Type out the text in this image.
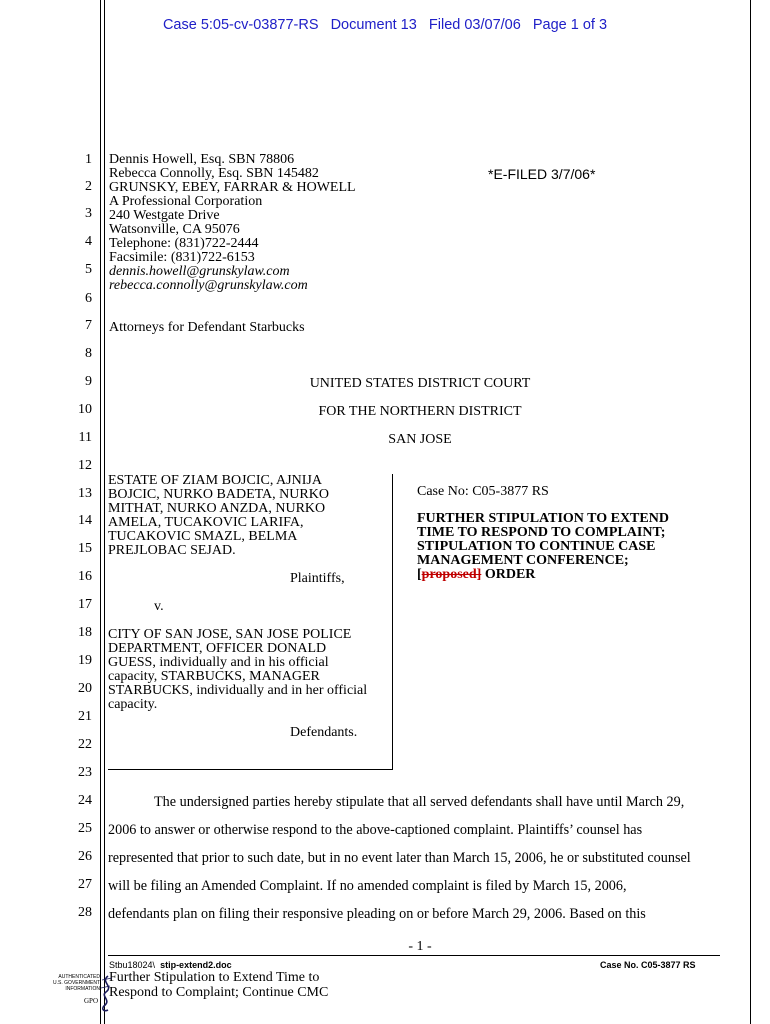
Case 5:05-cv-03877-RS   Document 13   Filed 03/07/06   Page 1 of 3
1
2
3
4
5
6
7
8
9
10
11
12
13
14
15
16
17
18
19
20
21
22
23
24
25
26
27
28
Dennis Howell, Esq. SBN 78806
Rebecca Connolly, Esq. SBN 145482
GRUNSKY, EBEY, FARRAR & HOWELL
A Professional Corporation
240 Westgate Drive
Watsonville, CA 95076
Telephone: (831)722-2444
Facsimile: (831)722-6153
dennis.howell@grunskylaw.com
rebecca.connolly@grunskylaw.com
*E-FILED 3/7/06*
Attorneys for Defendant Starbucks
UNITED STATES DISTRICT COURT
FOR THE NORTHERN DISTRICT
SAN JOSE
ESTATE OF ZIAM BOJCIC, AJNIJA
BOJCIC, NURKO BADETA, NURKO
MITHAT, NURKO ANZDA, NURKO
AMELA, TUCAKOVIC LARIFA,
TUCAKOVIC SMAZL, BELMA
PREJLOBAC SEJAD.
Plaintiffs,
v.
CITY OF SAN JOSE, SAN JOSE POLICE
DEPARTMENT, OFFICER DONALD
GUESS, individually and in his official
capacity, STARBUCKS, MANAGER
STARBUCKS, individually and in her official
capacity.
Defendants.
Case No: C05-3877 RS
FURTHER STIPULATION TO EXTEND
TIME TO RESPOND TO COMPLAINT;
STIPULATION TO CONTINUE CASE
MANAGEMENT CONFERENCE;
[proposed] ORDER
The undersigned parties hereby stipulate that all served defendants shall have until March 29,
2006 to answer or otherwise respond to the above-captioned complaint. Plaintiffs’ counsel has
represented that prior to such date, but in no event later than March 15, 2006, he or substituted counsel
will be filing an Amended Complaint. If no amended complaint is filed by March 15, 2006,
defendants plan on filing their responsive pleading on or before March 29, 2006. Based on this
- 1 -
Stbu18024\ stip-extend2.doc	Case No. C05-3877 RS
Further Stipulation to Extend Time to
Respond to Complaint; Continue CMC
AUTHENTICATED
U.S. GOVERNMENT
INFORMATION
GPO
